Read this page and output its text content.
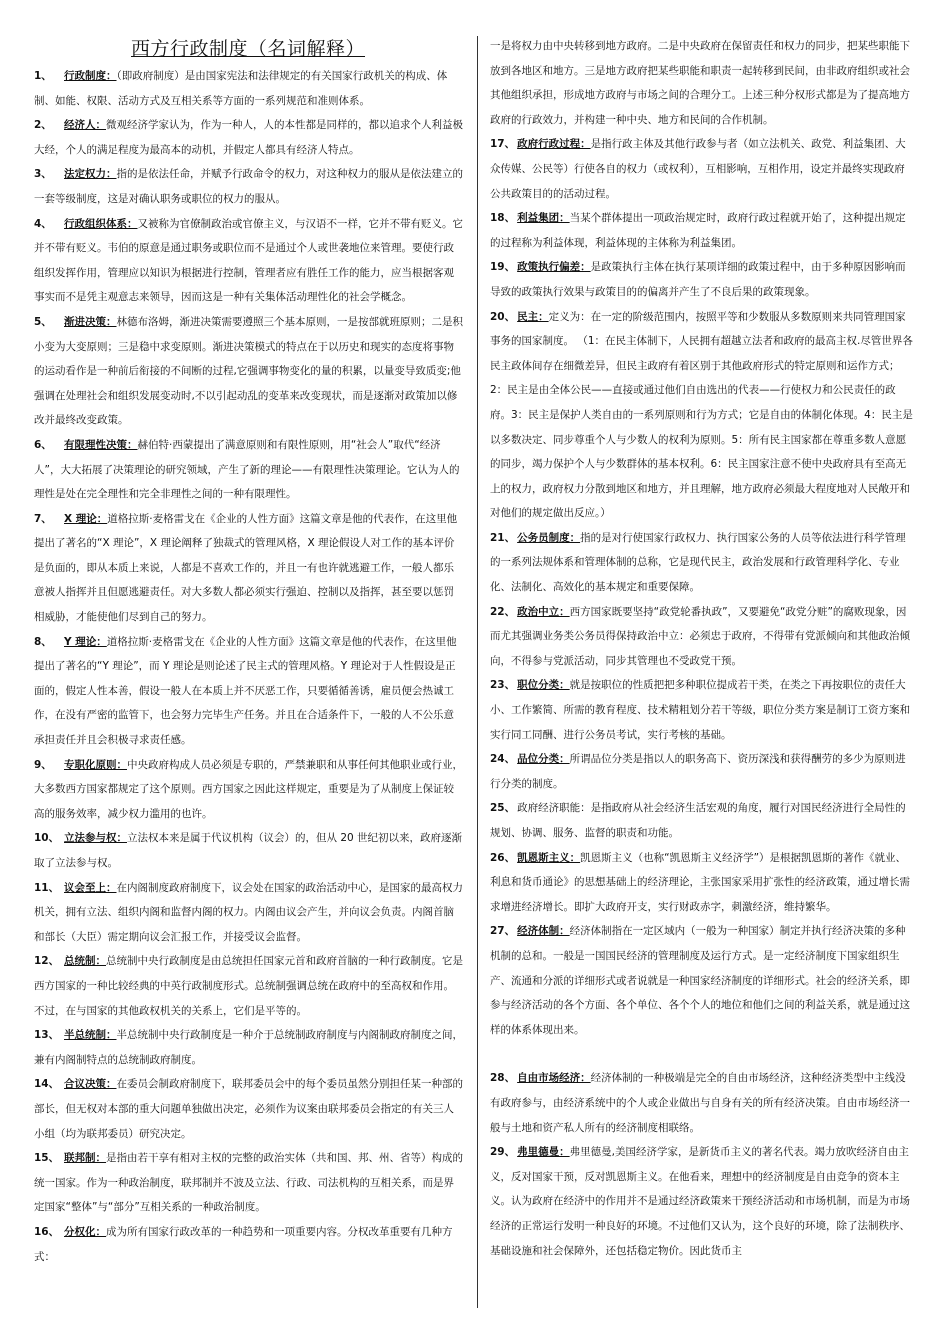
西方行政制度（名词解释）
1、 行政制度：（即政府制度）是由国家宪法和法律规定的有关国家行政机关的构成、体制、如能、权限、活动方式及互相关系等方面的一系列规范和准则体系。
2、 经济人：微观经济学家认为，作为一种人，人的本性都是同样的，都以追求个人利益极大经，个人的满足程度为最高本的动机，并假定人都具有经济人特点。
3、 法定权力：指的是依法任命，并赋予行政命令的权力，对这种权力的服从是依法建立的一套等级制度，这是对确认职务或职位的权力的服从。
4、 行政组织体系：又被称为官僚制政治或官僚主义，与汉语不一样，它并不带有贬义。它并不带有贬义。韦伯的原意是通过职务或职位而不是通过个人或世袭地位来管理。要使行政组织发挥作用，管理应以知识为根据进行控制，管理者应有胜任工作的能力，应当根据客观事实而不是凭主观意志来领导，因而这是一种有关集体活动理性化的社会学概念。
5、 渐进决策：林德布洛姆，渐进决策需要遵照三个基本原则，一是按部就班原则；二是积小变为大变原则；三是稳中求变原则。渐进决策模式的特点在于以历史和现实的态度将事物的运动看作是一种前后衔接的不间断的过程,它强调事物变化的量的积累，以量变导致质变;他强调在处理社会和组织发展变动时,不以引起动乱的变革来改变现状，而是逐渐对政策加以修改并最终改变政策。
6、 有限理性决策：赫伯特·西蒙提出了满意原则和有限性原则，用“社会人”取代“经济人”，大大拓展了决策理论的研究领域，产生了新的理论——有限理性决策理论。它认为人的理性是处在完全理性和完全非理性之间的一种有限理性。
7、 X 理论：道格拉斯·麦格雷戈在《企业的人性方面》这篇文章是他的代表作，在这里他提出了著名的“X 理论”，X 理论阐释了独裁式的管理风格，X 理论假设人对工作的基本评价是负面的，即从本质上来说，人都是不喜欢工作的，并且一有也许就逃避工作，一般人都乐意被人指挥并且但愿逃避责任。对大多数人都必须实行强迫、控制以及指挥，甚至要以惩罚相威胁，才能使他们尽到自己的努力。
8、 Y 理论：道格拉斯·麦格雷戈在《企业的人性方面》这篇文章是他的代表作，在这里他提出了著名的“Y 理论”，而 Y 理论是则论述了民主式的管理风格。Y 理论对于人性假设是正面的，假定人性本善，假设一般人在本质上并不厌恶工作，只要循循善诱，雇员便会热诚工作，在没有严密的监管下，也会努力完毕生产任务。并且在合适条件下，一般的人不公乐意承担责任并且会积极寻求责任感。
9、 专职化原则：中央政府构成人员必须是专职的，严禁兼职和从事任何其他职业或行业，大多数西方国家都规定了这个原则。西方国家之因此这样规定，重要是为了从制度上保证较高的服务效率，减少权力滥用的也许。
10、 立法参与权：立法权本来是属于代议机构（议会）的，但从 20 世纪初以来，政府逐渐取了立法参与权。
11、 议会至上：在内阁制度政府制度下，议会处在国家的政治活动中心，是国家的最高权力机关，拥有立法、组织内阁和监督内阁的权力。内阁由议会产生，并向议会负责。内阁首脑和部长（大臣）需定期向议会汇报工作，并接受议会监督。
12、 总统制：总统制中央行政制度是由总统担任国家元首和政府首脑的一种行政制度。它是西方国家的一种比较经典的中英行政制度形式。总统制强调总统在政府中的至高权和作用。不过，在与国家的其他政权机关的关系上，它们是平等的。
13、 半总统制：半总统制中央行政制度是一种介于总统制政府制度与内阁制政府制度之间，兼有内阁制特点的总统制政府制度。
14、 合议决策：在委员会制政府制度下，联邦委员会中的每个委员虽然分别担任某一种部的部长，但无权对本部的重大问题单独做出决定，必须作为议案由联邦委员会指定的有关三人小组（均为联邦委员）研究决定。
15、 联邦制：是指由若干享有相对主权的完整的政治实体（共和国、邦、州、省等）构成的统一国家。作为一种政治制度，联邦制并不波及立法、行政、司法机构的互相关系，而是界定国家“整体”与“部分”互相关系的一种政治制度。
16、 分权化：成为所有国家行政改革的一种趋势和一项重要内容。分权改革重要有几种方式：
一是将权力由中央转移到地方政府。二是中央政府在保留责任和权力的同步，把某些职能下放到各地区和地方。三是地方政府把某些职能和职责一起转移到民间，由非政府组织或社会其他组织承担，形成地方政府与市场之间的合理分工。上述三种分权形式都是为了提高地方政府的行政效力，并构建一种中央、地方和民间的合作机制。
17、 政府行政过程：是指行政主体及其他行政参与者（如立法机关、政党、利益集团、大众传媒、公民等）行使各自的权力（或权利），互相影响，互相作用，设定并最终实现政府公共政策目的的活动过程。
18、 利益集团：当某个群体提出一项政治规定时，政府行政过程就开始了，这种提出规定的过程称为利益体现，利益体现的主体称为利益集团。
19、 政策执行偏差：是政策执行主体在执行某项详细的政策过程中，由于多种原因影响而导致的政策执行效果与政策目的的偏离并产生了不良后果的政策现象。
20、 民主：定义为：在一定的阶级范围内，按照平等和少数服从多数原则来共同管理国家事务的国家制度。 （1：在民主体制下，人民拥有超越立法者和政府的最高主权.尽管世界各民主政体间存在细微差异，但民主政府有着区别于其他政府形式的特定原则和运作方式；2：民主是由全体公民——直接或通过他们自由选出的代表——行使权力和公民责任的政府。3：民主是保护人类自由的一系列原则和行为方式；它是自由的体制化体现。4：民主是以多数决定、同步尊重个人与少数人的权利为原则。5：所有民主国家都在尊重多数人意愿的同步，竭力保护个人与少数群体的基本权利。6：民主国家注意不使中央政府具有至高无上的权力，政府权力分散到地区和地方，并且理解，地方政府必须最大程度地对人民敞开和对他们的规定做出反应。）
21、 公务员制度：指的是对行使国家行政权力、执行国家公务的人员等依法进行科学管理的一系列法规体系和管理体制的总称，它是现代民主，政治发展和行政管理科学化、专业化、法制化、高效化的基本规定和重要保障。
22、 政治中立：西方国家既要坚持“政党轮番执政”，又要避免“政党分赃”的腐败现象，因而尤其强调业务类公务员得保持政治中立：必须忠于政府，不得带有党派倾向和其他政治倾向，不得参与党派活动，同步其管理也不受政党干预。
23、 职位分类：就是按职位的性质把把多种职位提成若干类，在类之下再按职位的责任大小、工作繁简、所需的教育程度、技术精粗划分若干等级，职位分类方案是制订工资方案和实行同工同酬、进行公务员考试，实行考核的基础。
24、 品位分类：所谓品位分类是指以人的职务高下、资历深浅和获得酬劳的多少为原则进行分类的制度。
25、 政府经济职能：是指政府从社会经济生活宏观的角度，履行对国民经济进行全局性的规划、协调、服务、监督的职责和功能。
26、 凯恩斯主义：凯恩斯主义（也称“凯恩斯主义经济学”）是根据凯恩斯的著作《就业、利息和货币通论》的思想基础上的经济理论，主张国家采用扩张性的经济政策，通过增长需求增进经济增长。即扩大政府开支，实行财政赤字，刺激经济，维持繁华。
27、 经济体制：经济体制指在一定区域内（一般为一种国家）制定并执行经济决策的多种机制的总和。一般是一国国民经济的管理制度及运行方式。是一定经济制度下国家组织生产、流通和分派的详细形式或者说就是一种国家经济制度的详细形式。社会的经济关系，即参与经济活动的各个方面、各个单位、各个个人的地位和他们之间的利益关系，就是通过这样的体系体现出来。
28、 自由市场经济：经济体制的一种极端是完全的自由市场经济，这种经济类型中主线没有政府参与，由经济系统中的个人或企业做出与自身有关的所有经济决策。自由市场经济一般与土地和资产私人所有的经济制度相联络。
29、 弗里德曼：弗里德曼,美国经济学家，是新货币主义的著名代表。竭力放吹经济自由主义，反对国家干预，反对凯恩斯主义。在他看来，理想中的经济制度是自由竞争的资本主义。认为政府在经济中的作用并不是通过经济政策来干预经济活动和市场机制，而是为市场经济的正常运行发明一种良好的环境。不过他们又认为，这个良好的环境，除了法制秩序、基础设施和社会保障外，还包括稳定物价。因此货币主
